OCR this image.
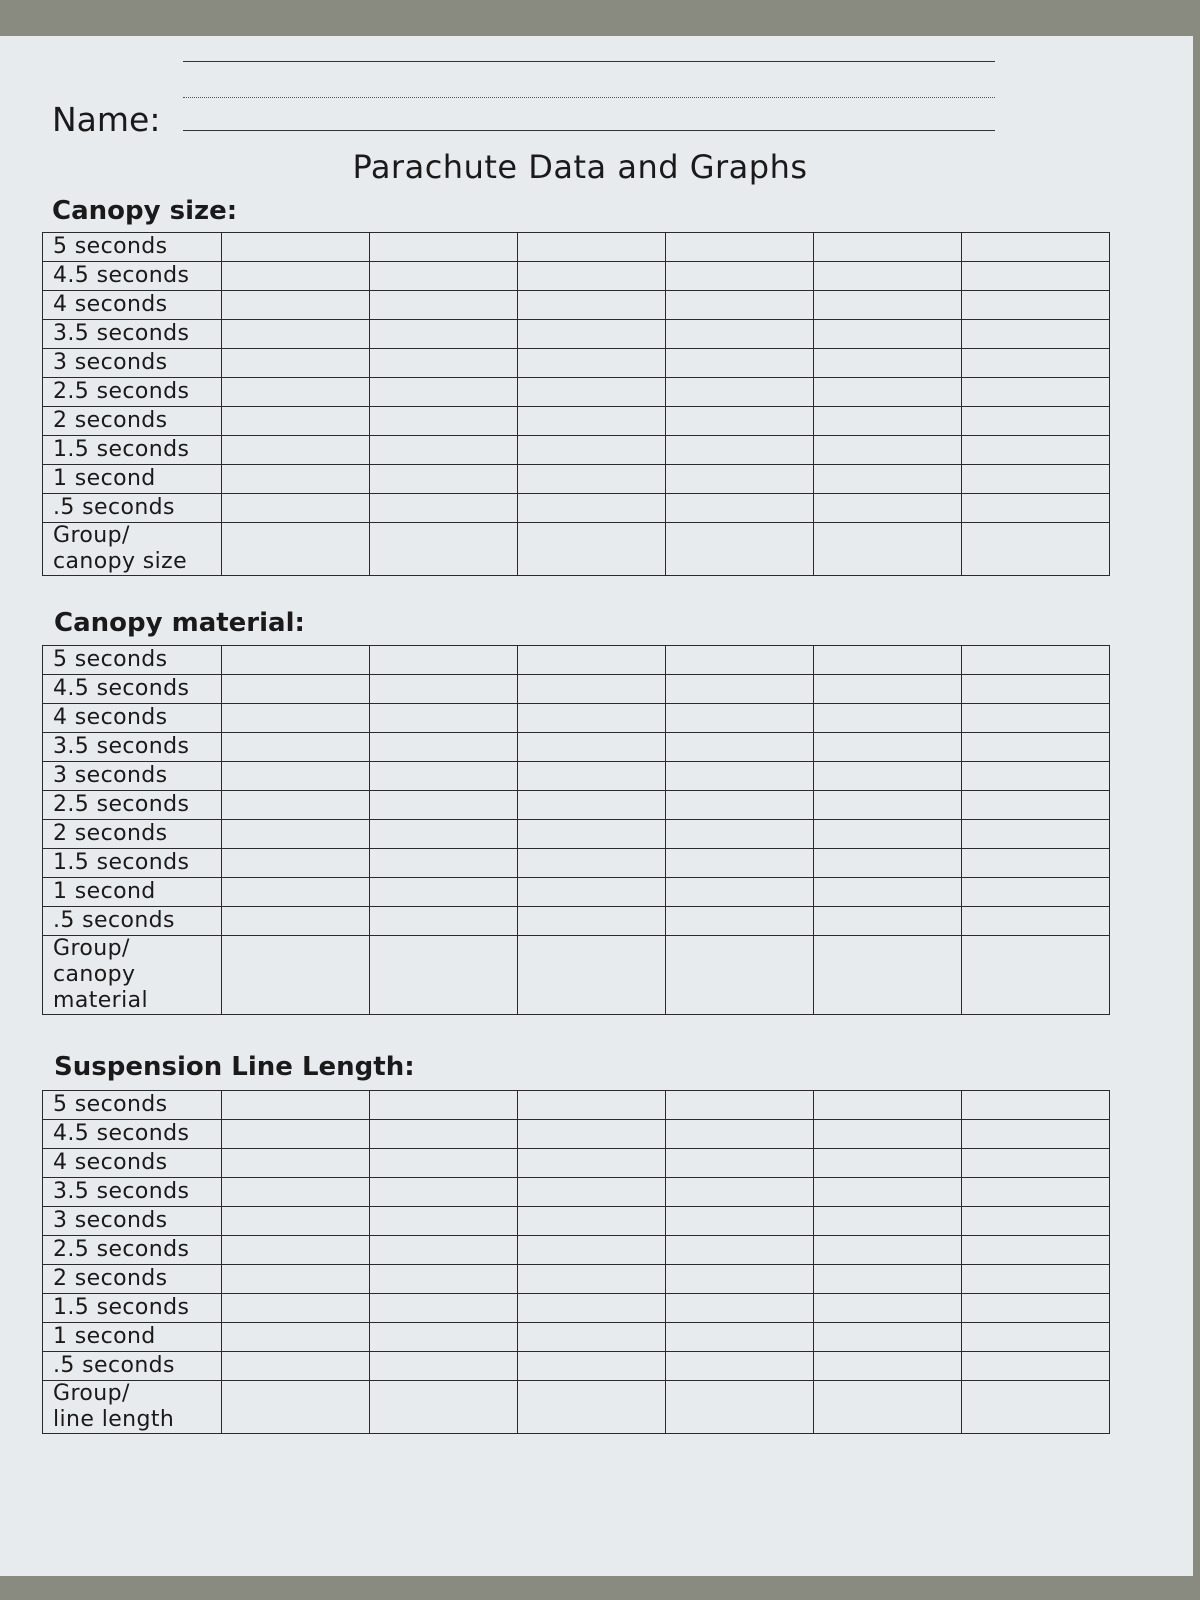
Name:
Parachute Data and Graphs
Canopy size:
5 seconds						
4.5 seconds						
4 seconds						
3.5 seconds						
3 seconds						
2.5 seconds						
2 seconds						
1.5 seconds						
1 second						
.5 seconds						

Group/
canopy size						

Canopy material:
5 seconds						
4.5 seconds						
4 seconds						
3.5 seconds						
3 seconds						
2.5 seconds						
2 seconds						
1.5 seconds						
1 second						
.5 seconds						

Group/
canopy
material						

Suspension Line Length:
5 seconds						
4.5 seconds						
4 seconds						
3.5 seconds						
3 seconds						
2.5 seconds						
2 seconds						
1.5 seconds						
1 second						
.5 seconds						

Group/
line length						
